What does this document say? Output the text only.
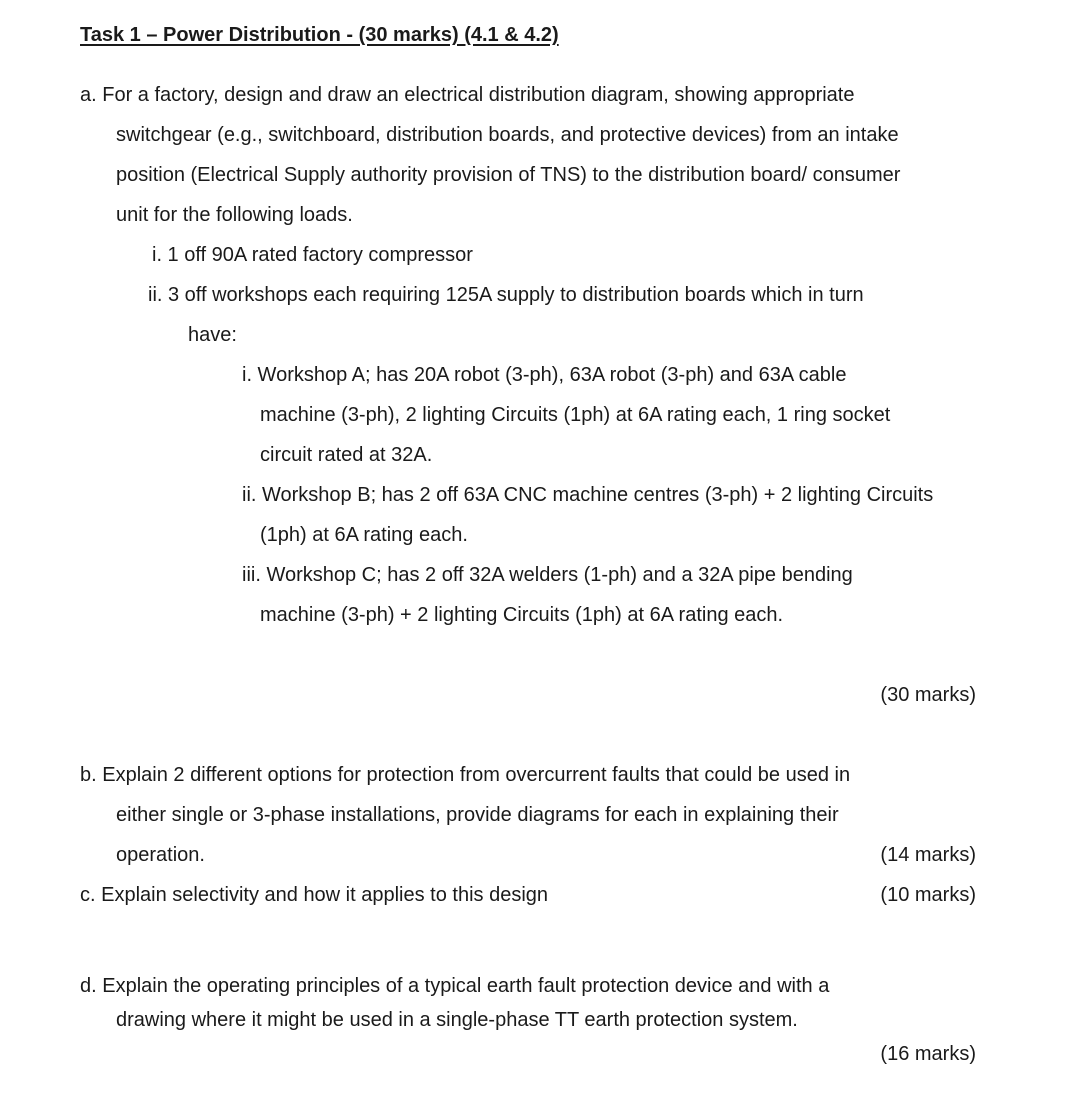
Task 1 – Power Distribution - (30 marks) (4.1 & 4.2)
a. For a factory, design and draw an electrical distribution diagram, showing appropriate
switchgear (e.g., switchboard, distribution boards, and protective devices) from an intake
position (Electrical Supply authority provision of TNS) to the distribution board/ consumer
unit for the following loads.
i. 1 off 90A rated factory compressor
ii. 3 off workshops each requiring 125A supply to distribution boards which in turn
have:
i. Workshop A; has 20A robot (3-ph), 63A robot (3-ph) and 63A cable
machine (3-ph), 2 lighting Circuits (1ph) at 6A rating each, 1 ring socket
circuit rated at 32A.
ii. Workshop B; has 2 off 63A CNC machine centres (3-ph) + 2 lighting Circuits
(1ph) at 6A rating each.
iii. Workshop C; has 2 off 32A welders (1-ph) and a 32A pipe bending
machine (3-ph) + 2 lighting Circuits (1ph) at 6A rating each.
(30 marks)
b. Explain 2 different options for protection from overcurrent faults that could be used in
either single or 3-phase installations, provide diagrams for each in explaining their
operation.	(14 marks)
c. Explain selectivity and how it applies to this design	(10 marks)
d. Explain the operating principles of a typical earth fault protection device and with a
drawing where it might be used in a single-phase TT earth protection system.
(16 marks)
